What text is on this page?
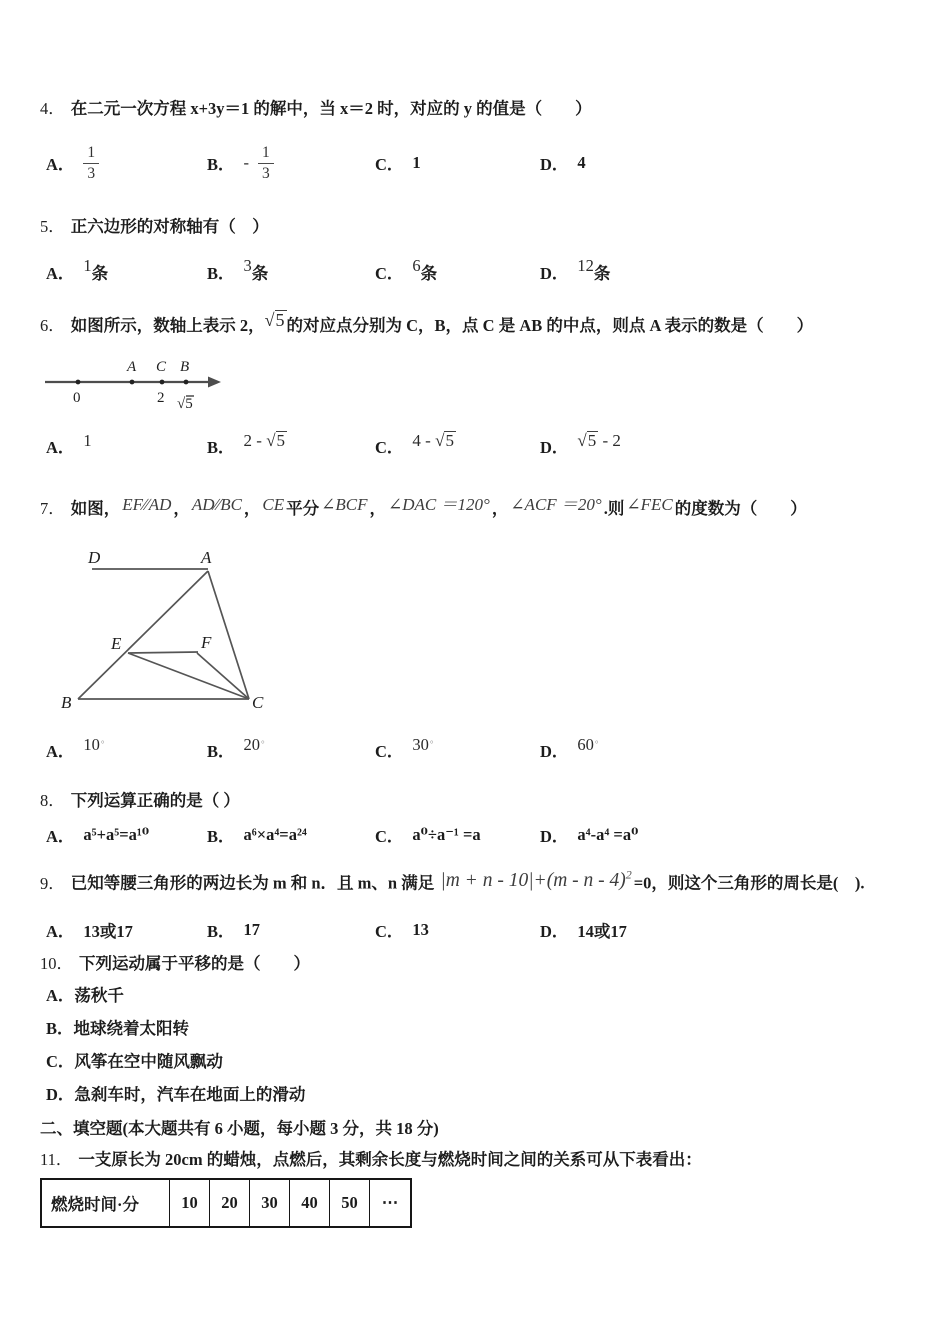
4． 在二元一次方程 x+3y＝1 的解中，当 x＝2 时，对应的 y 的值是（　　）
A． $\frac{1}{3}$	B． - $\frac{1}{3}$	C． 1	D． 4
5． 正六边形的对称轴有（　）
A． 1条	B． 3条	C． 6条	D． 12条
6． 如图所示，数轴上表示 2，√5 的对应点分别为 C，B，点 C 是 AB 的中点，则点 A 表示的数是（　　）
A C B
0	2 √5
A． 1	B． 2 - √5	C． 4 - √5	D． √5 - 2
7． 如图， EF∕∕AD ， AD∕∕BC ， CE 平分 ∠BCF ， ∠DAC ＝120° ， ∠ACF ＝20° .则 ∠FEC 的度数为（　　）
D	A
E	F
B	C
A． 10°	B． 20°	C． 30°	D． 60°
8． 下列运算正确的是（ ）
A． a⁵+a⁵=a¹⁰	B． a⁶×a⁴=a²⁴	C． a⁰÷a⁻¹ =a	D． a⁴-a⁴ =a⁰
9． 已知等腰三角形的两边长为 m 和 n．且 m、n 满足 |m + n - 10|+(m - n - 4)$^2$ =0，则这个三角形的周长是(　).
A． 13或17	B． 17	C． 13	D． 14或17
10． 下列运动属于平移的是（　　）
A．荡秋千
B．地球绕着太阳转
C．风筝在空中随风飘动
D．急刹车时，汽车在地面上的滑动
二、填空题(本大题共有 6 小题，每小题 3 分，共 18 分)
11． 一支原长为 20cm 的蜡烛，点燃后，其剩余长度与燃烧时间之间的关系可从下表看出：
燃烧时间·分	10	20	30	40	50	⋯
